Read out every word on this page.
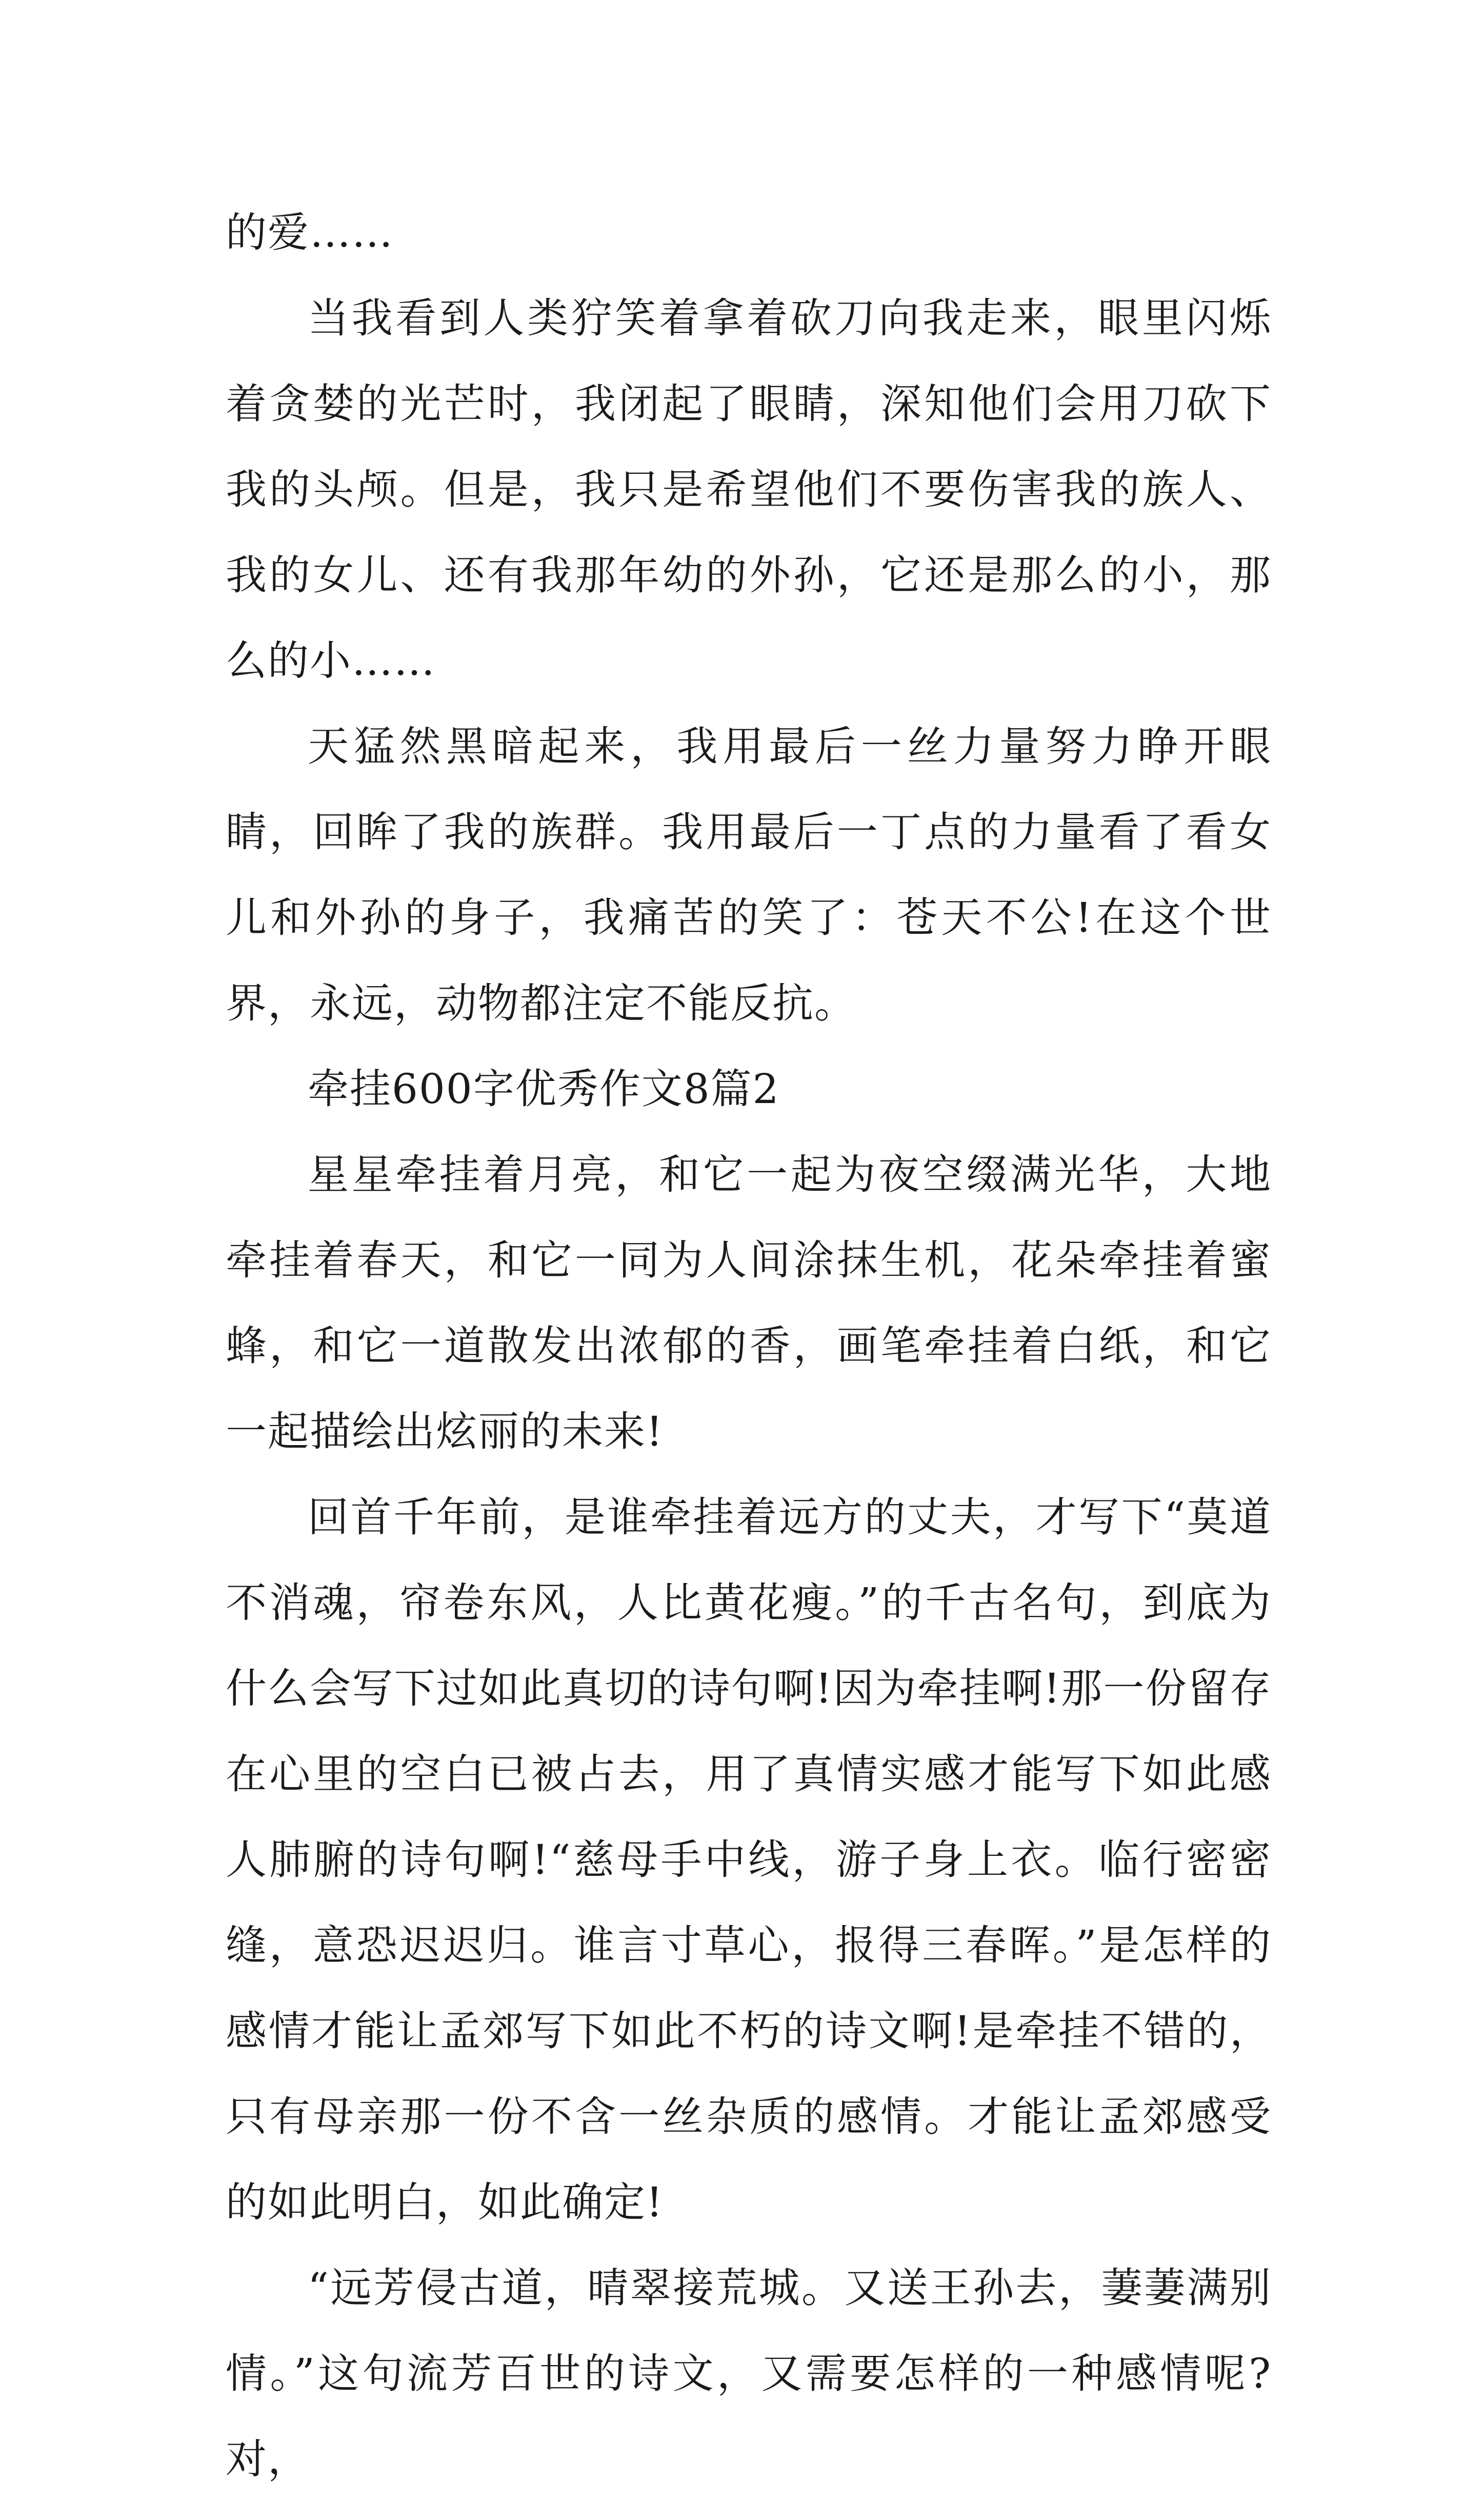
的爱……

当我看到人类狞笑着拿着砍刀向我走来，眼里闪烁着贪婪的光芒时，我闭起了眼睛，深知他们会用刀砍下我的头颅。但是，我只是希望他们不要伤害我的族人、我的女儿、还有我那年幼的外孙，它还是那么的小，那么的小……

天猛然黑暗起来，我用最后一丝力量努力睁开眼睛，回眸了我的族群。我用最后一丁点的力量看了看女儿和外孙的身子，我痛苦的笑了：苍天不公!在这个世界，永远，动物都注定不能反抗。

牵挂600字优秀作文8篇2

星星牵挂着月亮，和它一起为夜空缀满光华，大地牵挂着春天，和它一同为人间涂抹生机，花朵牵挂着蜜蜂，和它一道散发出浓郁的香，画笔牵挂着白纸，和它一起描绘出炫丽的未来!

回首千年前，是谁牵挂着远方的丈夫，才写下“莫道不消魂，帘卷东风，人比黄花瘦。”的千古名句，到底为什么会写下过如此真切的诗句啊!因为牵挂啊!那一份留存在心里的空白已被占去，用了真情实感才能写下如此感人肺腑的诗句啊!“慈母手中线，游子身上衣。临行密密缝，意恐迟迟归。谁言寸草心，报得三春晖。”是怎样的感情才能让孟郊写下如此不朽的诗文啊!是牵挂不错的，只有母亲那一份不含一丝杂质的感情。才能让孟郊感受的如此明白，如此确定!

“远芳侵古道，晴翠接荒城。又送王孙去，萋萋满别情。”这句流芳百世的诗文，又需要怎样的一种感情呢?对，
